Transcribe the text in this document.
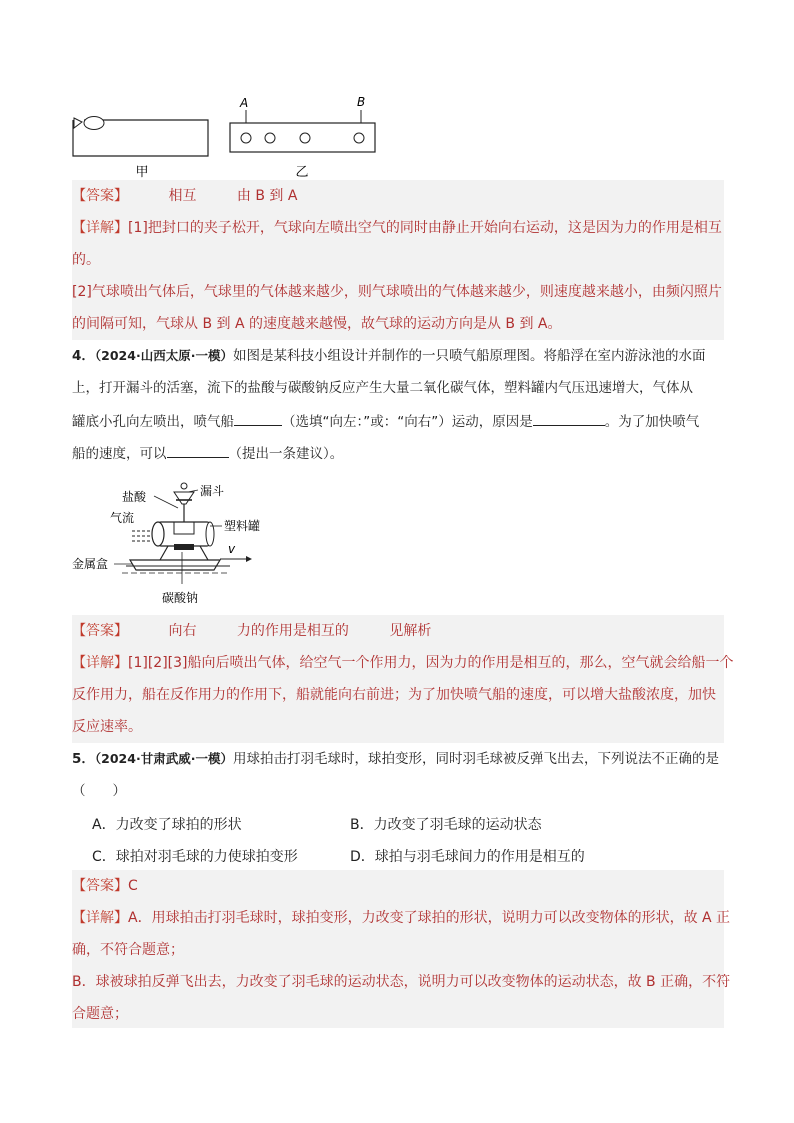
甲
A	B
乙
【答案】	相互	由 B 到 A
【详解】[1]把封口的夹子松开，气球向左喷出空气的同时由静止开始向右运动，这是因为力的作用是相互
的。
[2]气球喷出气体后，气球里的气体越来越少，则气球喷出的气体越来越少，则速度越来越小，由频闪照片
的间隔可知，气球从 B 到 A 的速度越来越慢，故气球的运动方向是从 B 到 A。
4．（2024·山西太原·一模）如图是某科技小组设计并制作的一只喷气船原理图。将船浮在室内游泳池的水面
上，打开漏斗的活塞，流下的盐酸与碳酸钠反应产生大量二氧化碳气体，塑料罐内气压迅速增大，气体从
罐底小孔向左喷出，喷气船	（选填“向左：”或：“向右”）运动，原因是	。为了加快喷气
船的速度，可以	（提出一条建议）。
漏斗
盐酸
气流
塑料罐
金属盒
v
碳酸钠
【答案】	向右	力的作用是相互的	见解析
【详解】[1][2][3]船向后喷出气体，给空气一个作用力，因为力的作用是相互的，那么，空气就会给船一个
反作用力，船在反作用力的作用下，船就能向右前进；为了加快喷气船的速度，可以增大盐酸浓度，加快
反应速率。
5．（2024·甘肃武威·一模）用球拍击打羽毛球时，球拍变形，同时羽毛球被反弹飞出去，下列说法不正确的是
（　　）
A．力改变了球拍的形状	B．力改变了羽毛球的运动状态
C．球拍对羽毛球的力使球拍变形	D．球拍与羽毛球间力的作用是相互的
【答案】C
【详解】A．用球拍击打羽毛球时，球拍变形，力改变了球拍的形状，说明力可以改变物体的形状，故 A 正
确，不符合题意；
B．球被球拍反弹飞出去，力改变了羽毛球的运动状态，说明力可以改变物体的运动状态，故 B 正确，不符
合题意；
